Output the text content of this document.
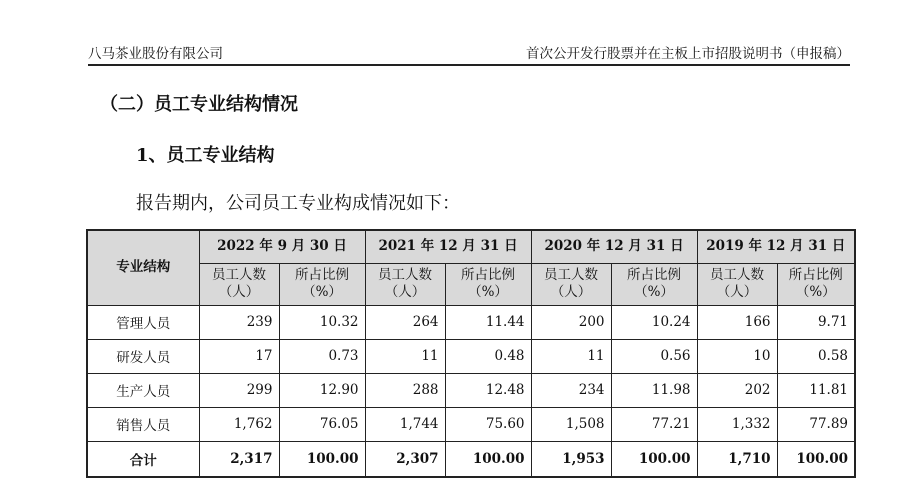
八马茶业股份有限公司	首次公开发行股票并在主板上市招股说明书（申报稿）
（二）员工专业结构情况
1、员工专业结构
报告期内，公司员工专业构成情况如下：
专业结构	2022 年 9 月 30 日		2021 年 12 月 31 日		2020 年 12 月 31 日		2019 年 12 月 31 日	
	员工人数（人）	所占比例（%）	员工人数（人）	所占比例（%）	员工人数（人）	所占比例（%）	员工人数（人）	所占比例（%）
管理人员	239	10.32	264	11.44	200	10.24	166	9.71
研发人员	17	0.73	11	0.48	11	0.56	10	0.58
生产人员	299	12.90	288	12.48	234	11.98	202	11.81
销售人员	1,762	76.05	1,744	75.60	1,508	77.21	1,332	77.89
合计	2,317	100.00	2,307	100.00	1,953	100.00	1,710	100.00
